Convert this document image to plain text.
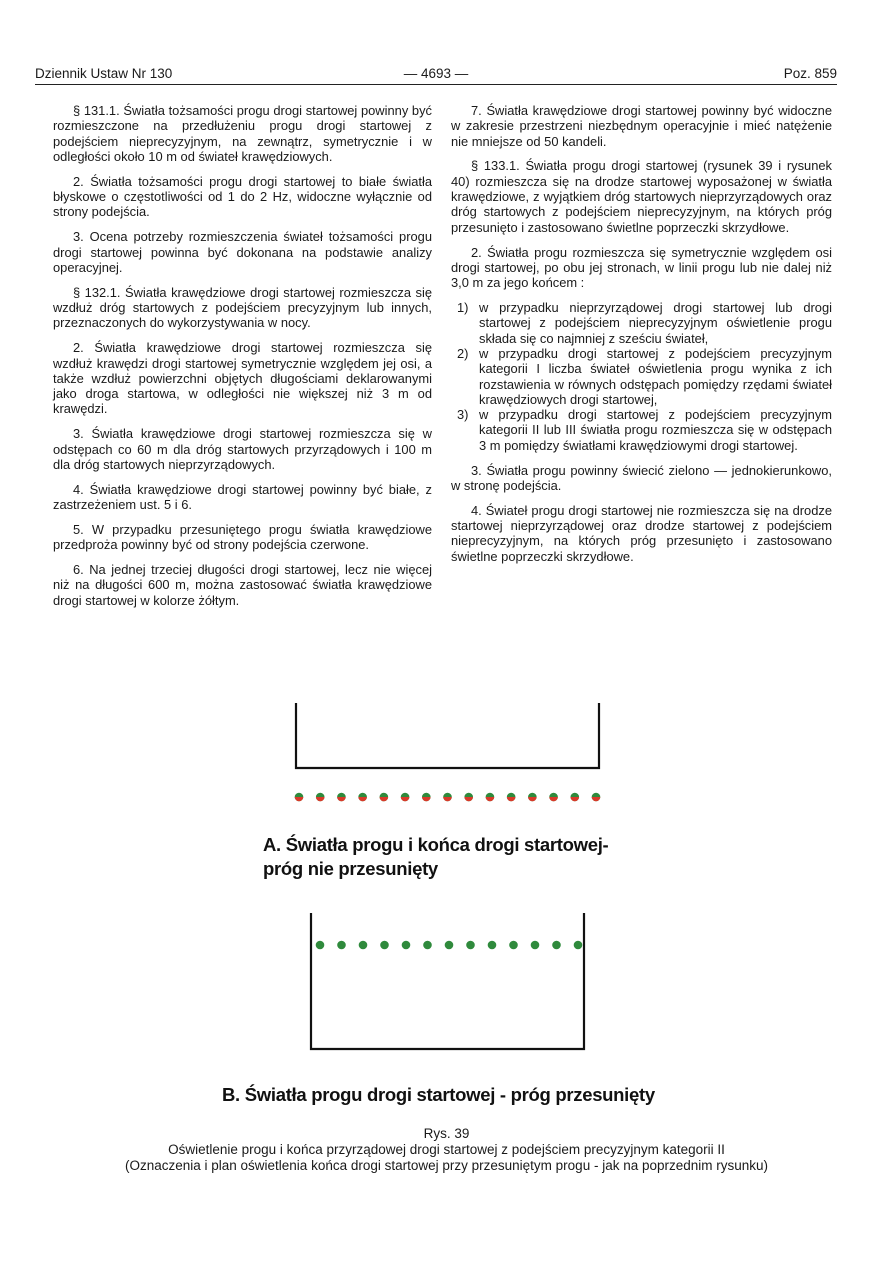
Dziennik Ustaw Nr 130	— 4693 —	Poz. 859

§ 131.1. Światła tożsamości progu drogi startowej powinny być rozmieszczone na przedłużeniu progu drogi startowej z podejściem nieprecyzyjnym, na zewnątrz, symetrycznie i w odległości około 10 m od świateł krawędziowych.

2. Światła tożsamości progu drogi startowej to białe światła błyskowe o częstotliwości od 1 do 2 Hz, widoczne wyłącznie od strony podejścia.

3. Ocena potrzeby rozmieszczenia świateł tożsamości progu drogi startowej powinna być dokonana na podstawie analizy operacyjnej.

§ 132.1. Światła krawędziowe drogi startowej rozmieszcza się wzdłuż dróg startowych z podejściem precyzyjnym lub innych, przeznaczonych do wykorzystywania w nocy.

2. Światła krawędziowe drogi startowej rozmieszcza się wzdłuż krawędzi drogi startowej symetrycznie względem jej osi, a także wzdłuż powierzchni objętych długościami deklarowanymi jako droga startowa, w odległości nie większej niż 3 m od krawędzi.

3. Światła krawędziowe drogi startowej rozmieszcza się w odstępach co 60 m dla dróg startowych przyrządowych i 100 m dla dróg startowych nieprzyrządowych.

4. Światła krawędziowe drogi startowej powinny być białe, z zastrzeżeniem ust. 5 i 6.

5. W przypadku przesuniętego progu światła krawędziowe przedproża powinny być od strony podejścia czerwone.

6. Na jednej trzeciej długości drogi startowej, lecz nie więcej niż na długości 600 m, można zastosować światła krawędziowe drogi startowej w kolorze żółtym.

7. Światła krawędziowe drogi startowej powinny być widoczne w zakresie przestrzeni niezbędnym operacyjnie i mieć natężenie nie mniejsze od 50 kandeli.

§ 133.1. Światła progu drogi startowej (rysunek 39 i rysunek 40) rozmieszcza się na drodze startowej wyposażonej w światła krawędziowe, z wyjątkiem dróg startowych nieprzyrządowych oraz dróg startowych z podejściem nieprecyzyjnym, na których próg przesunięto i zastosowano świetlne poprzeczki skrzydłowe.

2. Światła progu rozmieszcza się symetrycznie względem osi drogi startowej, po obu jej stronach, w linii progu lub nie dalej niż 3,0 m za jego końcem :

1) w przypadku nieprzyrządowej drogi startowej lub drogi startowej z podejściem nieprecyzyjnym oświetlenie progu składa się co najmniej z sześciu świateł,
2) w przypadku drogi startowej z podejściem precyzyjnym kategorii I liczba świateł oświetlenia progu wynika z ich rozstawienia w równych odstępach pomiędzy rzędami świateł krawędziowych drogi startowej,
3) w przypadku drogi startowej z podejściem precyzyjnym kategorii II lub III światła progu rozmieszcza się w odstępach 3 m pomiędzy światłami krawędziowymi drogi startowej.

3. Światła progu powinny świecić zielono — jednokierunkowo, w stronę podejścia.

4. Świateł progu drogi startowej nie rozmieszcza się na drodze startowej nieprzyrządowej oraz drodze startowej z podejściem nieprecyzyjnym, na których próg przesunięto i zastosowano świetlne poprzeczki skrzydłowe.

A. Światła progu i końca drogi startowej-
próg nie przesunięty
B. Światła progu drogi startowej - próg przesunięty
Rys. 39
Oświetlenie progu i końca przyrządowej drogi startowej z podejściem precyzyjnym kategorii II
(Oznaczenia i plan oświetlenia końca drogi startowej przy przesuniętym progu - jak na poprzednim rysunku)
